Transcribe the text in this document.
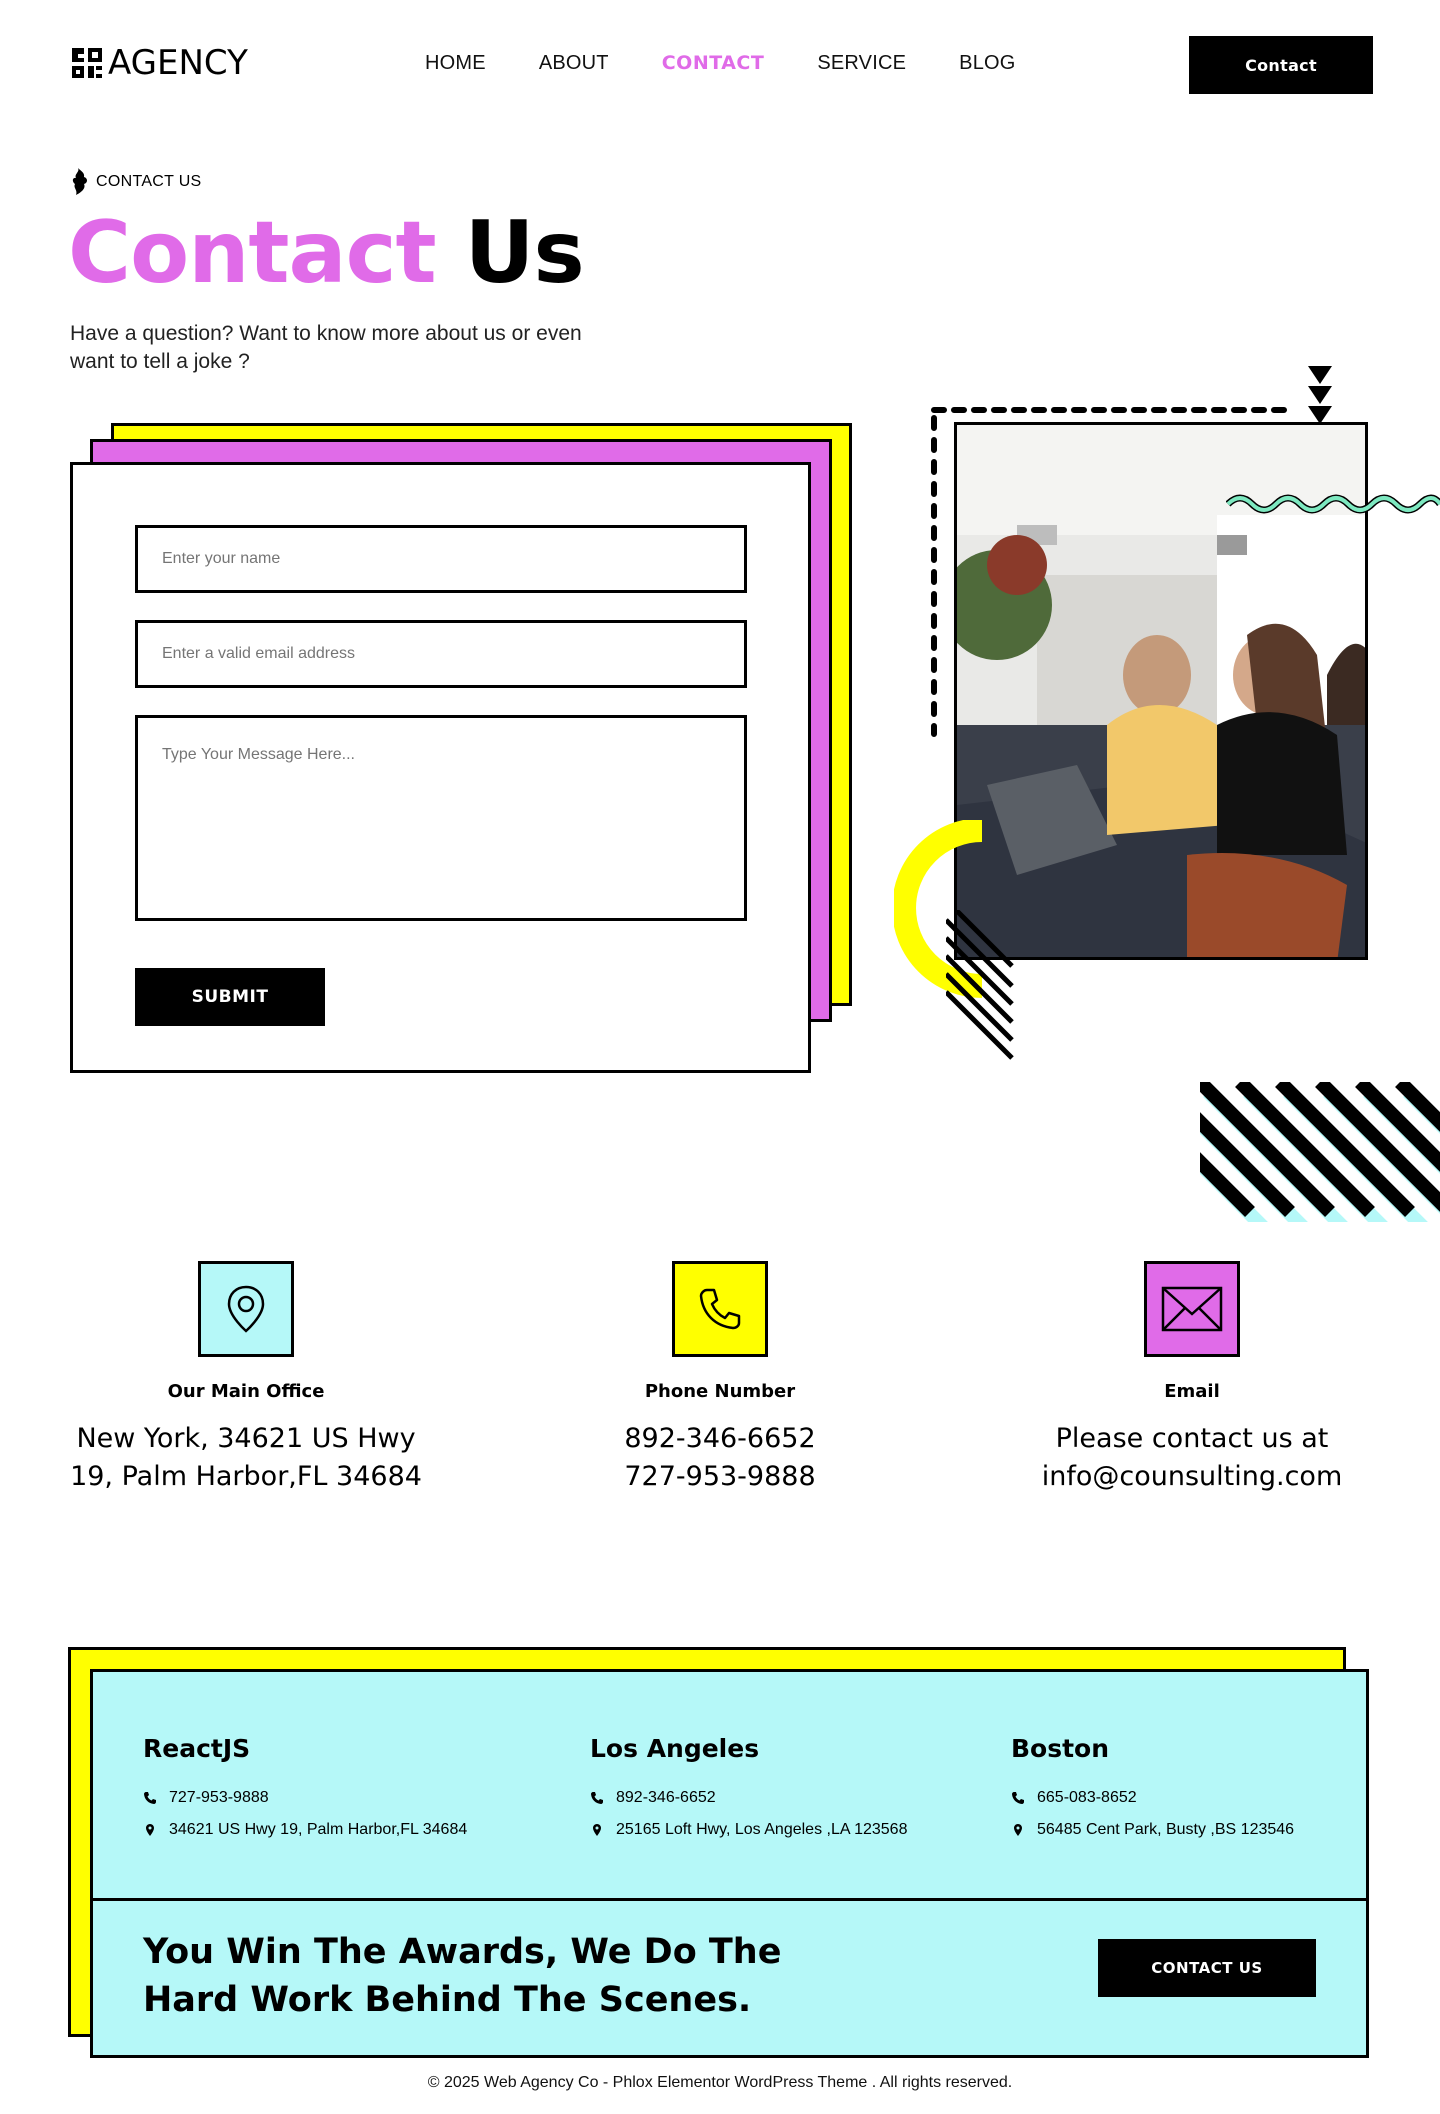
AGENCY	HOME	ABOUT	CONTACT	SERVICE	BLOG	Contact
CONTACT US
Contact Us

Have a question? Want to know more about us or even want to tell a joke ?

Enter your name
Enter a valid email address
Type Your Message Here...
SUBMIT
Our Main Office
New York, 34621 US Hwy
19, Palm Harbor,FL 34684
Phone Number
892-346-6652
727-953-9888
Email
Please contact us at
info@counsulting.com
ReactJS
727-953-9888
34621 US Hwy 19, Palm Harbor,FL 34684
Los Angeles
892-346-6652
25165 Loft Hwy, Los Angeles ,LA 123568
Boston
665-083-8652
56485 Cent Park, Busty ,BS 123546
You Win The Awards, We Do The
Hard Work Behind The Scenes.
CONTACT US
© 2025 Web Agency Co - Phlox Elementor WordPress Theme . All rights reserved.
